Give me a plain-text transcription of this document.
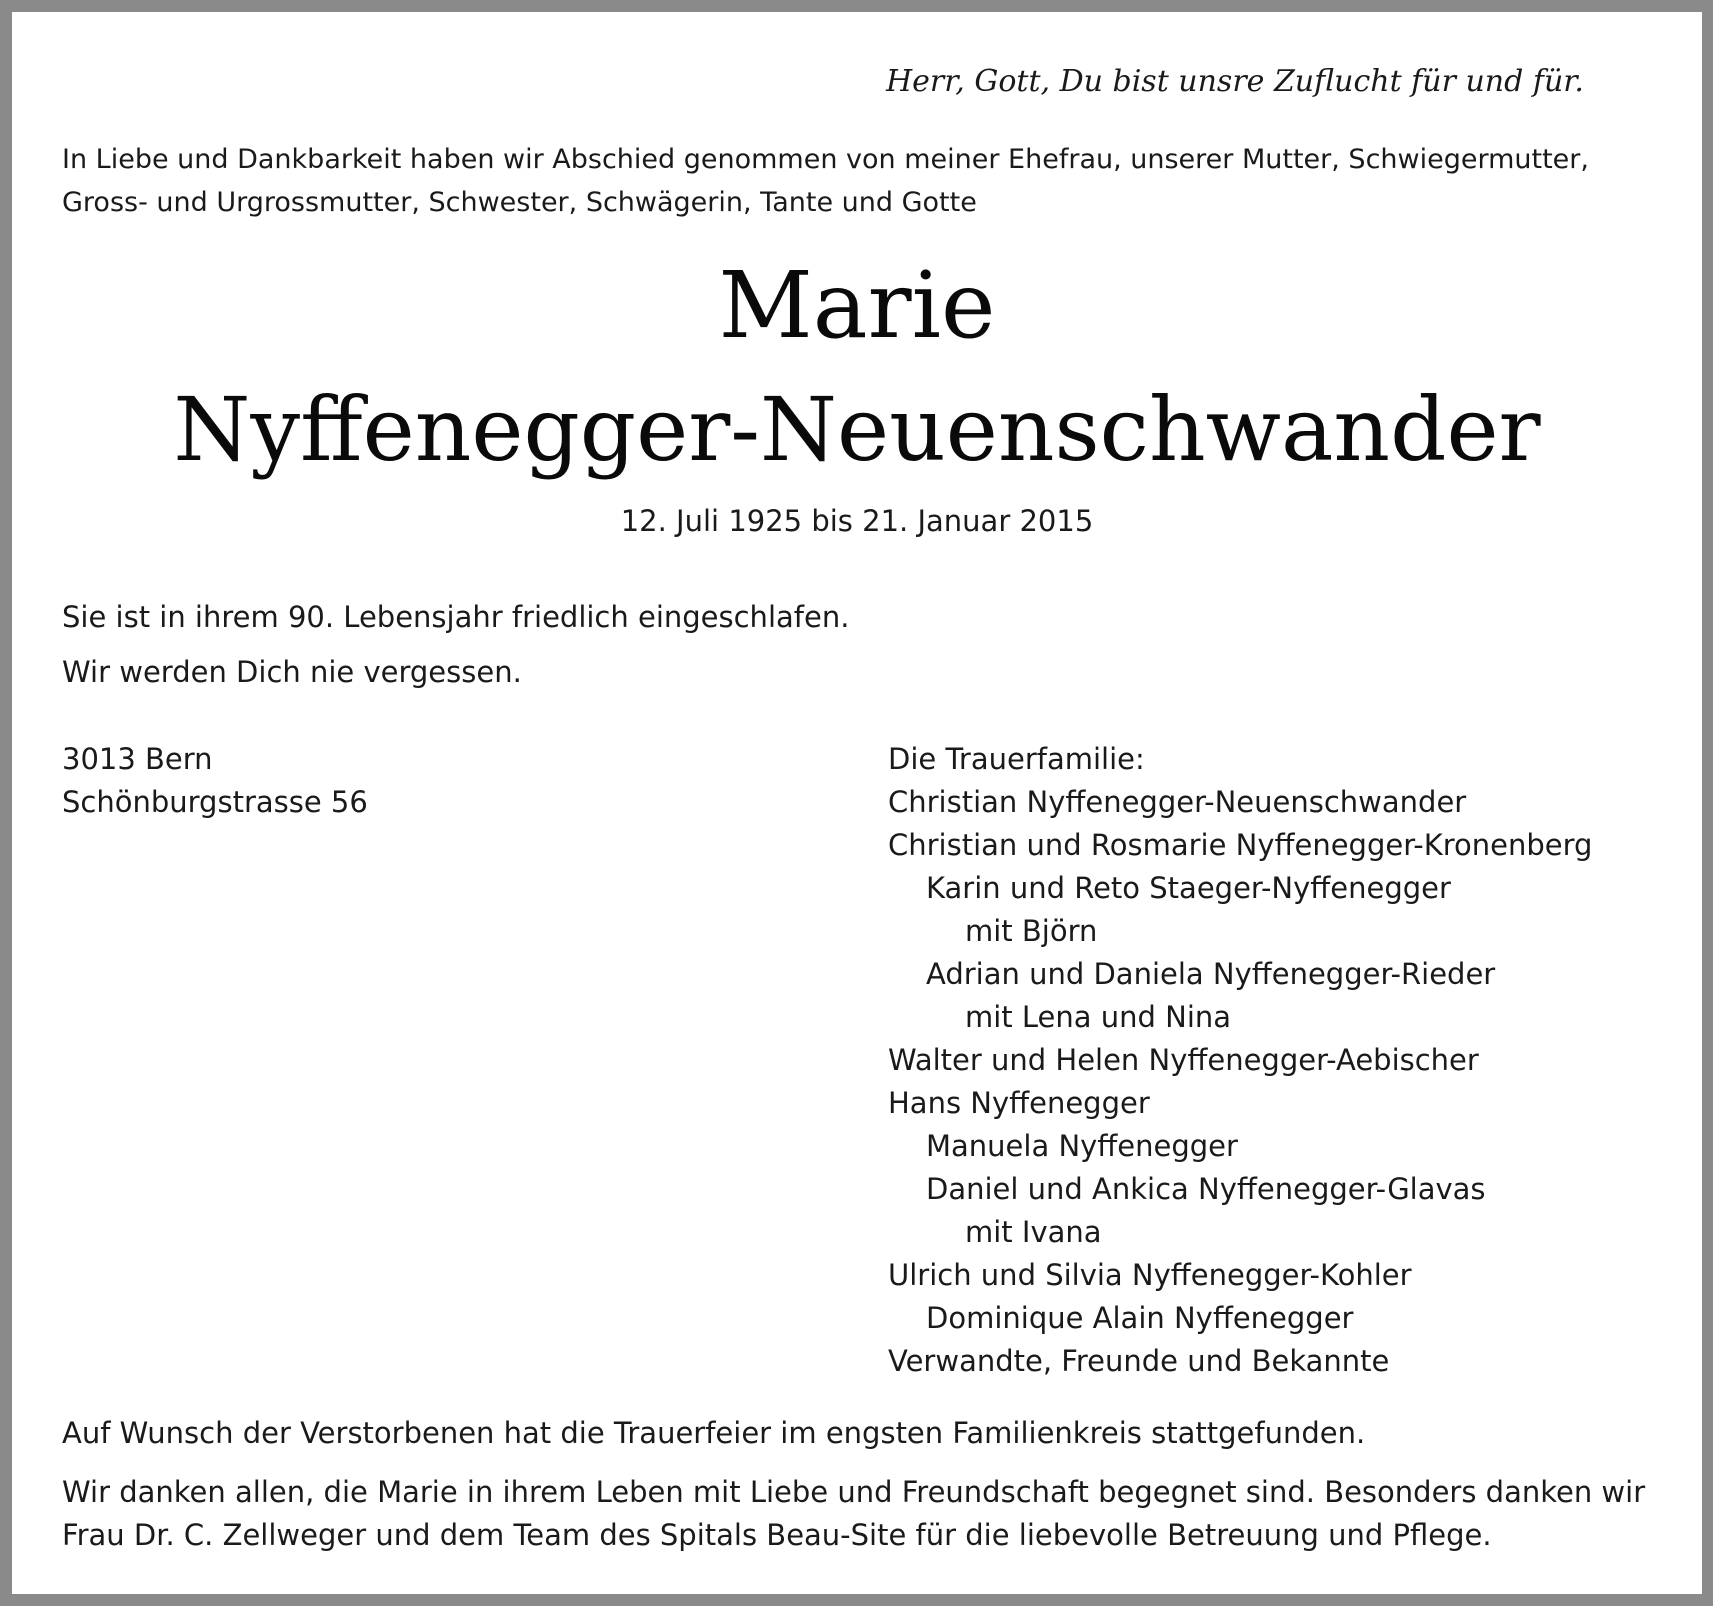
Herr, Gott, Du bist unsre Zuflucht für und für.
In Liebe und Dankbarkeit haben wir Abschied genommen von meiner Ehefrau, unserer Mutter, Schwiegermutter,
Gross- und Urgrossmutter, Schwester, Schwägerin, Tante und Gotte
Marie
Nyffenegger-Neuenschwander
12. Juli 1925 bis 21. Januar 2015
Sie ist in ihrem 90. Lebensjahr friedlich eingeschlafen.
Wir werden Dich nie vergessen.
3013 Bern
Schönburgstrasse 56
Die Trauerfamilie:
Christian Nyffenegger-Neuenschwander
Christian und Rosmarie Nyffenegger-Kronenberg
Karin und Reto Staeger-Nyffenegger
mit Björn
Adrian und Daniela Nyffenegger-Rieder
mit Lena und Nina
Walter und Helen Nyffenegger-Aebischer
Hans Nyffenegger
Manuela Nyffenegger
Daniel und Ankica Nyffenegger-Glavas
mit Ivana
Ulrich und Silvia Nyffenegger-Kohler
Dominique Alain Nyffenegger
Verwandte, Freunde und Bekannte
Auf Wunsch der Verstorbenen hat die Trauerfeier im engsten Familienkreis stattgefunden.
Wir danken allen, die Marie in ihrem Leben mit Liebe und Freundschaft begegnet sind. Besonders danken wir
Frau Dr. C. Zellweger und dem Team des Spitals Beau-Site für die liebevolle Betreuung und Pflege.
